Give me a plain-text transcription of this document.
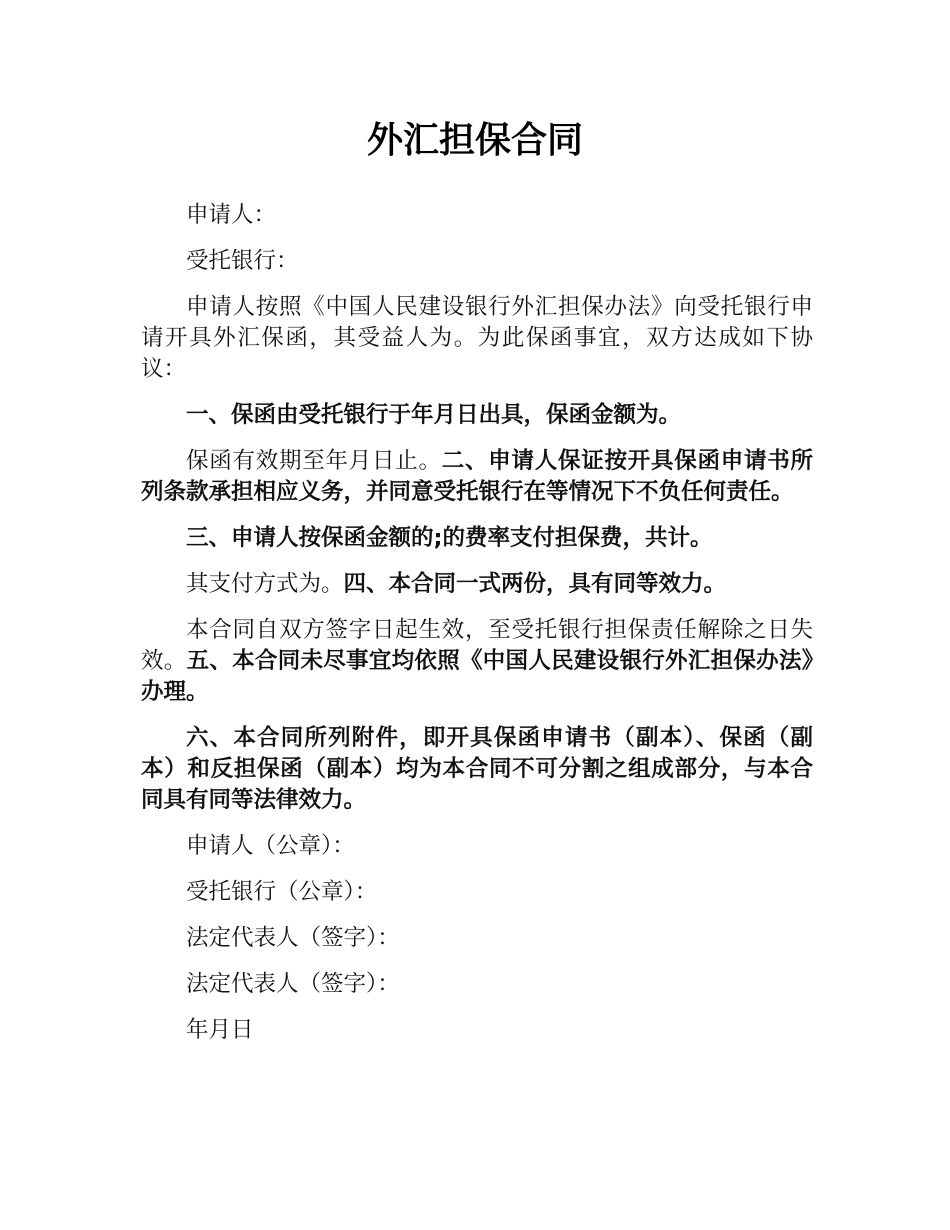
外汇担保合同

申请人：

受托银行：

申请人按照《中国人民建设银行外汇担保办法》向受托银行申请开具外汇保函，其受益人为。为此保函事宜，双方达成如下协议：

一、保函由受托银行于年月日出具，保函金额为。

保函有效期至年月日止。二、申请人保证按开具保函申请书所列条款承担相应义务，并同意受托银行在等情况下不负任何责任。

三、申请人按保函金额的;的费率支付担保费，共计。

其支付方式为。四、本合同一式两份，具有同等效力。

本合同自双方签字日起生效，至受托银行担保责任解除之日失效。五、本合同未尽事宜均依照《中国人民建设银行外汇担保办法》办理。

六、本合同所列附件，即开具保函申请书（副本）、保函（副本）和反担保函（副本）均为本合同不可分割之组成部分，与本合同具有同等法律效力。

申请人（公章）：

受托银行（公章）：

法定代表人（签字）：

法定代表人（签字）：

年月日
